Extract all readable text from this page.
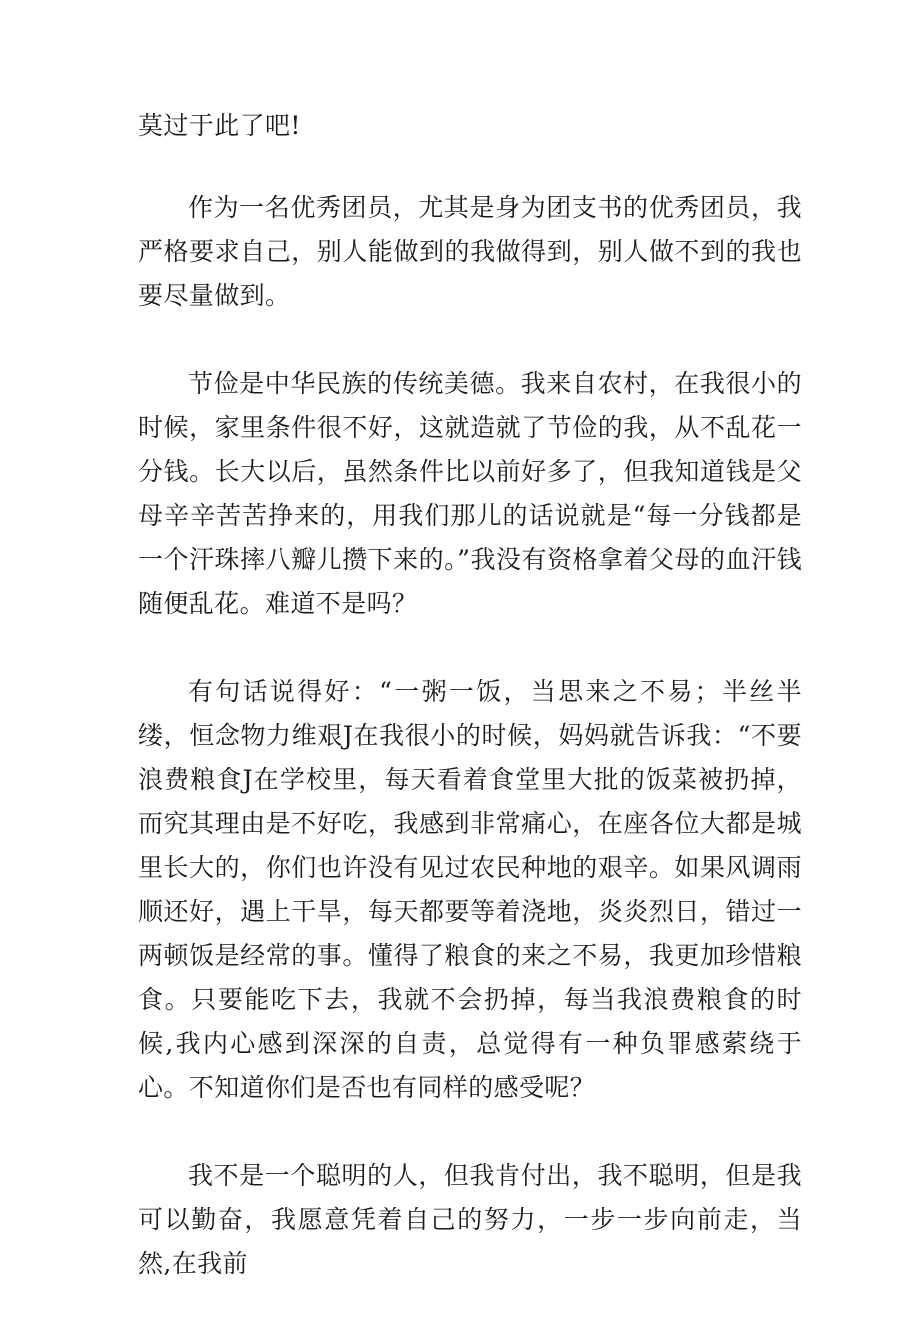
莫过于此了吧!

作为一名优秀团员，尤其是身为团支书的优秀团员，我严格要求自己，别人能做到的我做得到，别人做不到的我也要尽量做到。

节俭是中华民族的传统美德。我来自农村，在我很小的时候，家里条件很不好，这就造就了节俭的我，从不乱花一分钱。长大以后，虽然条件比以前好多了，但我知道钱是父母辛辛苦苦挣来的，用我们那儿的话说就是“每一分钱都是一个汗珠摔八瓣儿攒下来的。”我没有资格拿着父母的血汗钱随便乱花。难道不是吗？

有句话说得好：“一粥一饭，当思来之不易；半丝半缕，恒念物力维艰J在我很小的时候，妈妈就告诉我：“不要浪费粮食J在学校里，每天看着食堂里大批的饭菜被扔掉，而究其理由是不好吃，我感到非常痛心，在座各位大都是城里长大的，你们也许没有见过农民种地的艰辛。如果风调雨顺还好，遇上干旱，每天都要等着浇地，炎炎烈日，错过一两顿饭是经常的事。懂得了粮食的来之不易，我更加珍惜粮食。只要能吃下去，我就不会扔掉，每当我浪费粮食的时候,我内心感到深深的自责，总觉得有一种负罪感萦绕于心。不知道你们是否也有同样的感受呢？

我不是一个聪明的人，但我肯付出，我不聪明，但是我可以勤奋，我愿意凭着自己的努力，一步一步向前走，当然,在我前
